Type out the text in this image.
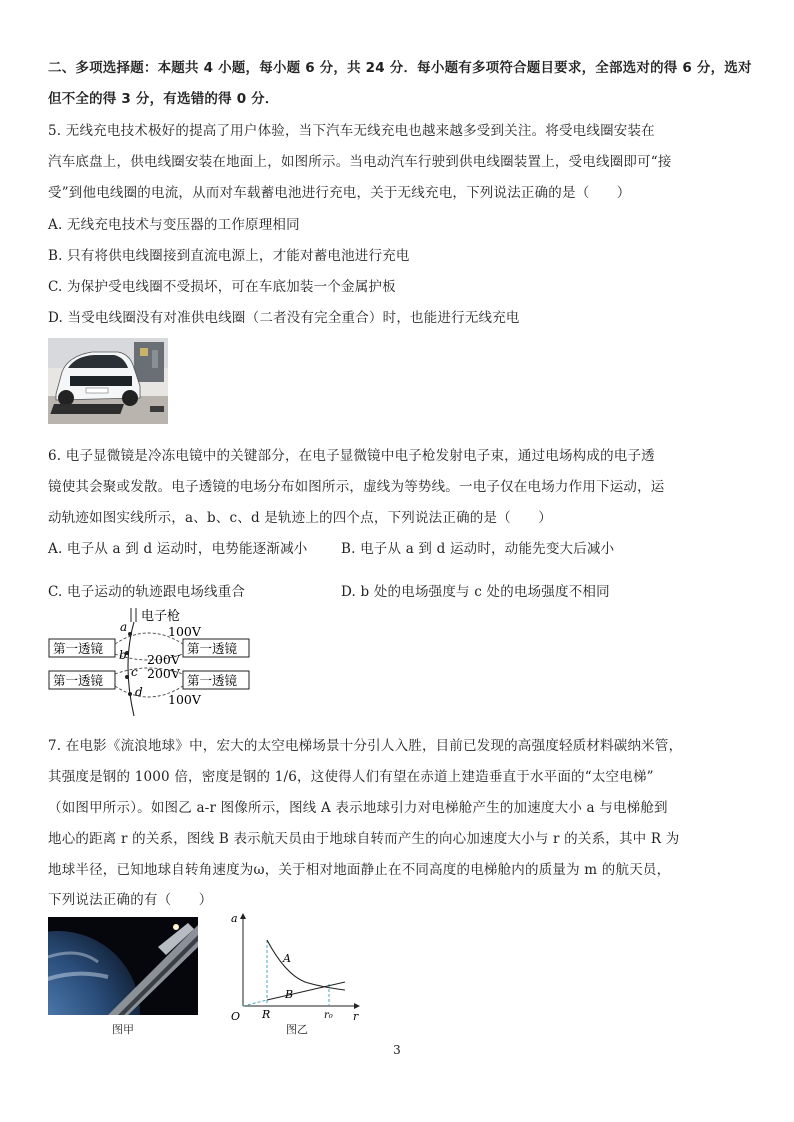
二、多项选择题：本题共 4 小题，每小题 6 分，共 24 分．每小题有多项符合题目要求，全部选对的得 6 分，选对
但不全的得 3 分，有选错的得 0 分．
5. 无线充电技术极好的提高了用户体验，当下汽车无线充电也越来越多受到关注。将受电线圈安装在
汽车底盘上，供电线圈安装在地面上，如图所示。当电动汽车行驶到供电线圈装置上，受电线圈即可“接
受”到他电线圈的电流，从而对车载蓄电池进行充电，关于无线充电，下列说法正确的是（　　）
A. 无线充电技术与变压器的工作原理相同
B. 只有将供电线圈接到直流电源上，才能对蓄电池进行充电
C. 为保护受电线圈不受损坏，可在车底加装一个金属护板
D. 当受电线圈没有对准供电线圈（二者没有完全重合）时，也能进行无线充电
6. 电子显微镜是冷冻电镜中的关键部分，在电子显微镜中电子枪发射电子束，通过电场构成的电子透
镜使其会聚或发散。电子透镜的电场分布如图所示，虚线为等势线。一电子仅在电场力作用下运动，运
动轨迹如图实线所示，a、b、c、d 是轨迹上的四个点，下列说法正确的是（　　）
A. 电子从 a 到 d 运动时，电势能逐渐减小 B. 电子从 a 到 d 运动时，动能先变大后减小
C. 电子运动的轨迹跟电场线重合	D. b 处的电场强度与 c 处的电场强度不相同
电子枪
第一透镜	第一透镜
第一透镜	第一透镜
a
b
c
d
100V
200V
200V
100V
7. 在电影《流浪地球》中，宏大的太空电梯场景十分引人入胜，目前已发现的高强度轻质材料碳纳米管，
其强度是钢的 1000 倍，密度是钢的 1/6，这使得人们有望在赤道上建造垂直于水平面的“太空电梯”
（如图甲所示）。如图乙 a-r 图像所示，图线 A 表示地球引力对电梯舱产生的加速度大小 a 与电梯舱到
地心的距离 r 的关系，图线 B 表示航天员由于地球自转而产生的向心加速度大小与 r 的关系，其中 R 为
地球半径，已知地球自转角速度为ω，关于相对地面静止在不同高度的电梯舱内的质量为 m 的航天员，
下列说法正确的有（　　）
图甲
a
r
O
A
B
R	r₀
图乙
3
